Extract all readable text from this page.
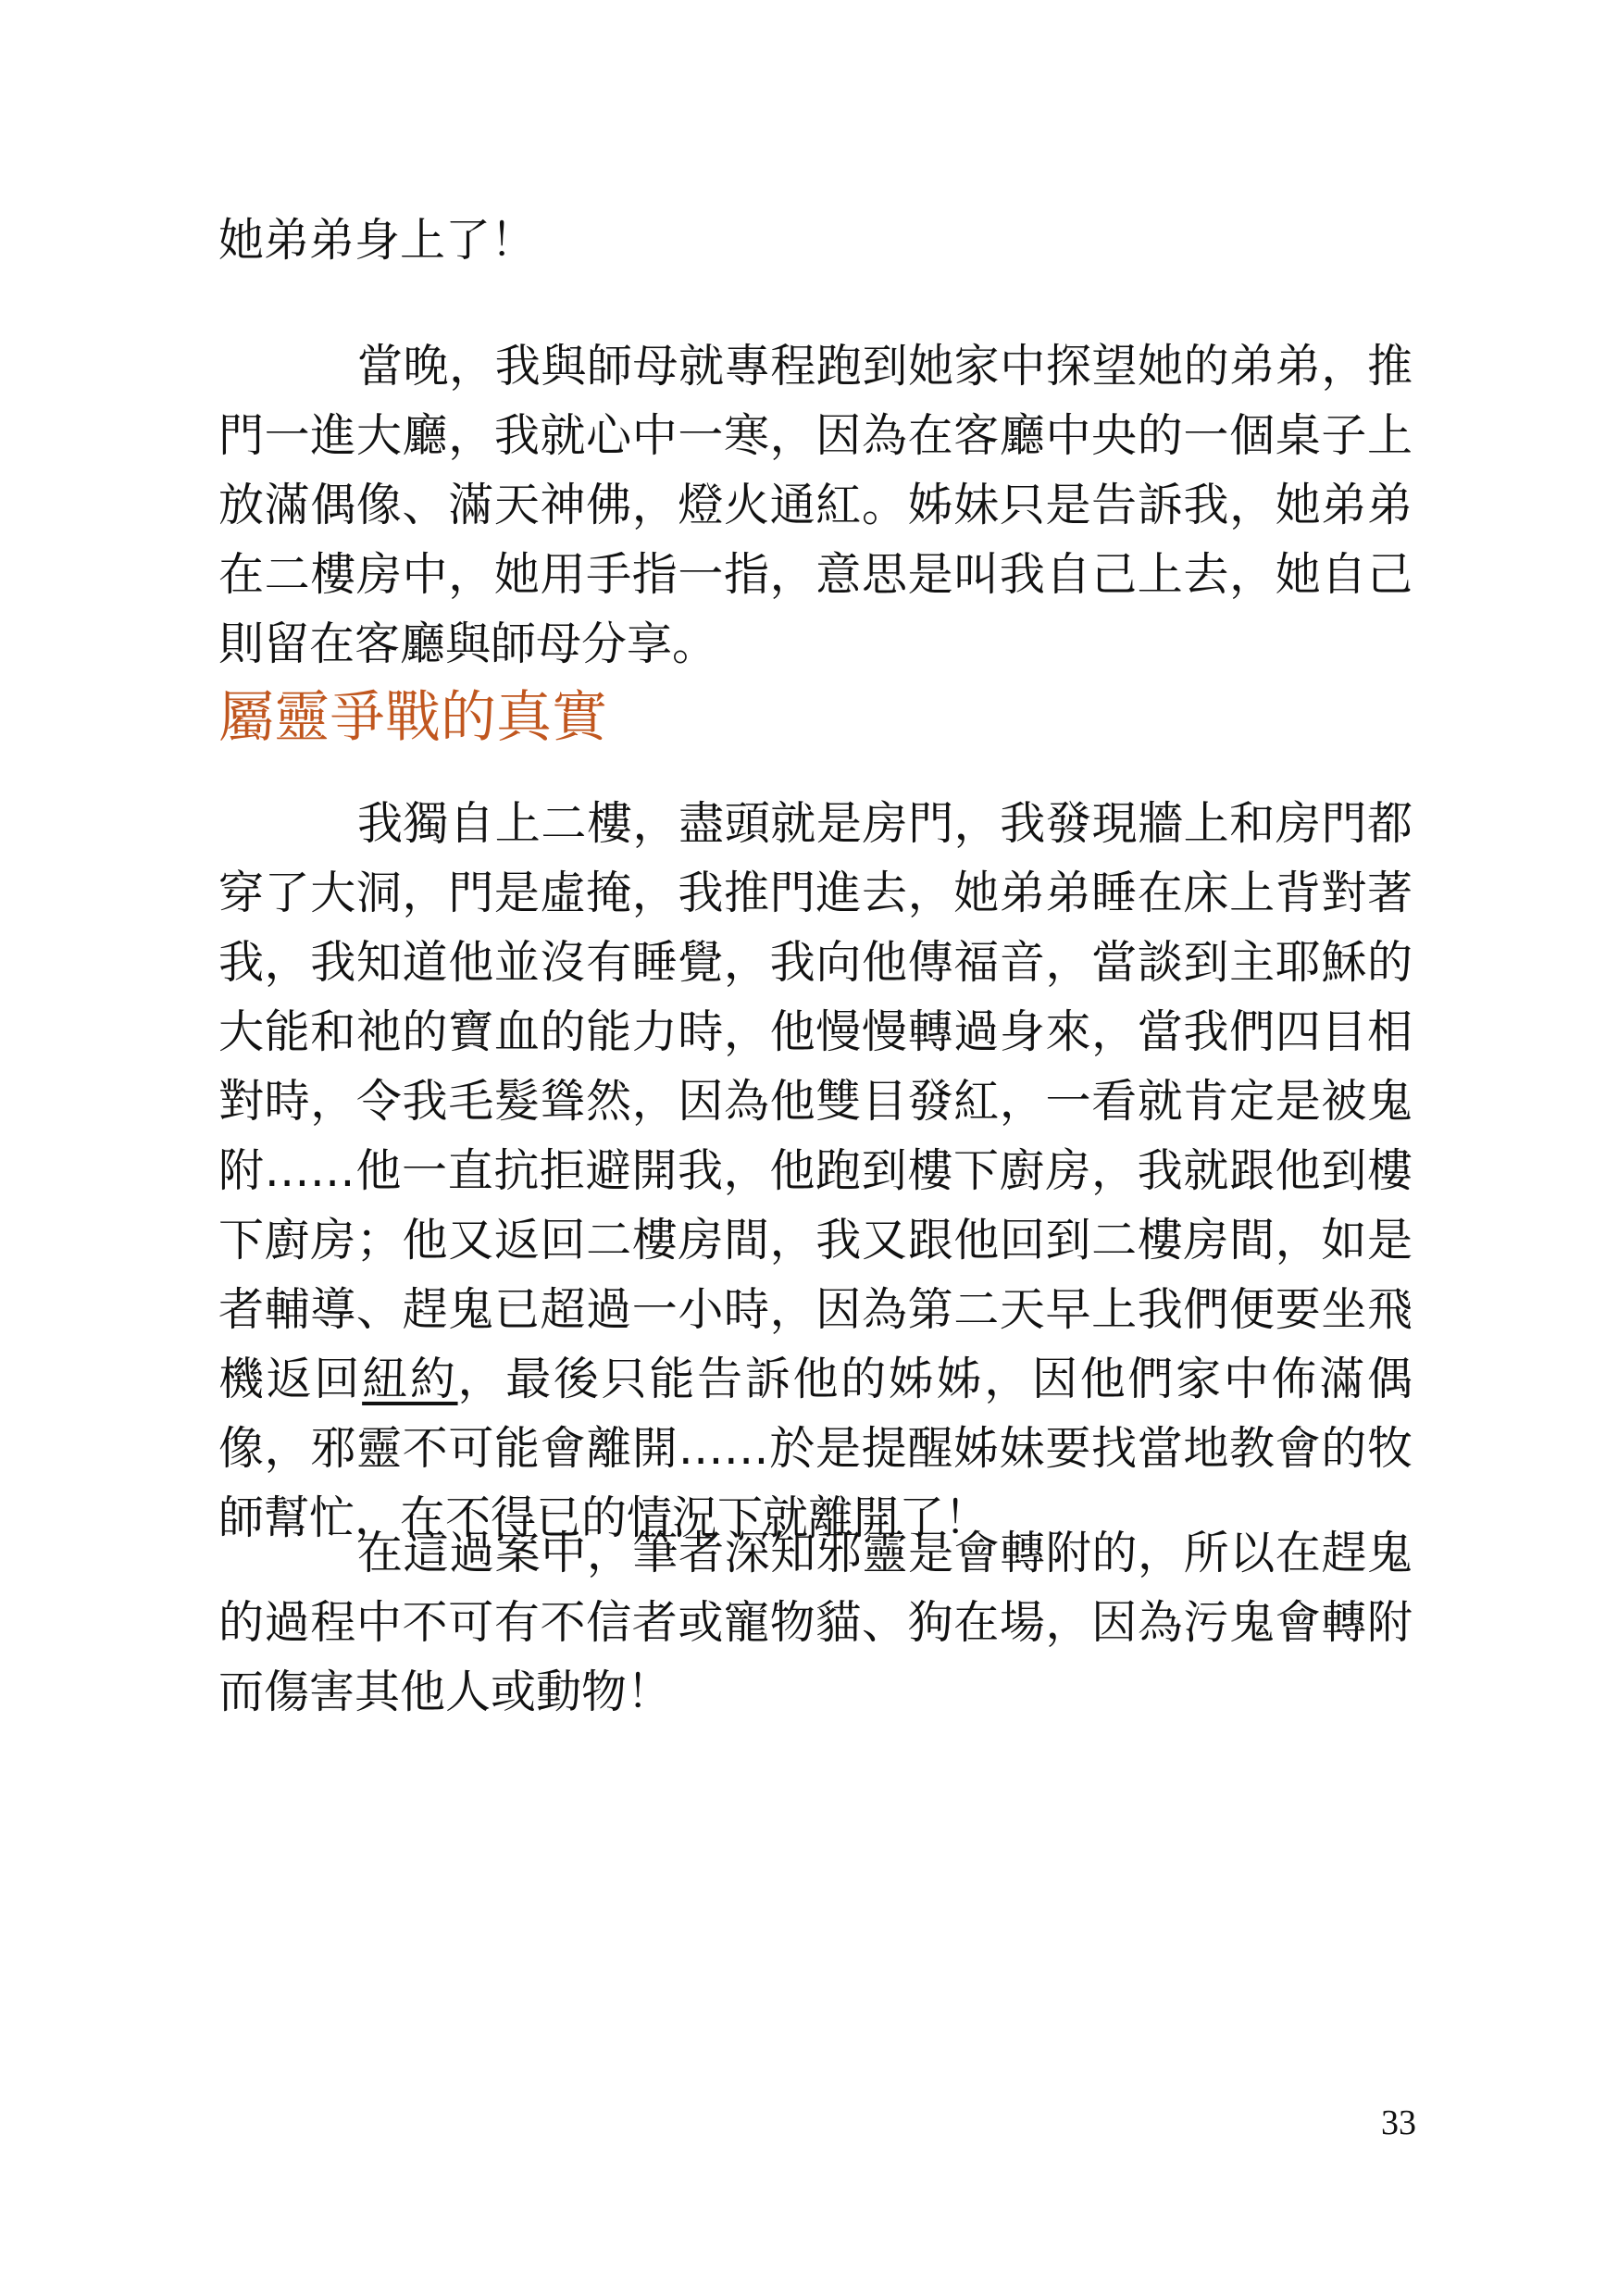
她弟弟身上了！

當晚，我與師母就專程跑到她家中探望她的弟弟，推門一進大廳，我就心中一寒，因為在客廳中央的一個桌子上放滿偶像、滿天神佛，燈火通紅。姊妹只是告訴我，她弟弟在二樓房中，她用手指一指，意思是叫我自己上去，她自己則留在客廳與師母分享。

屬靈爭戰的真實

我獨自上二樓，盡頭就是房門，我發現牆上和房門都穿了大洞，門是虛掩，我推門進去，她弟弟睡在床上背對著我，我知道他並沒有睡覺，我向他傳福音，當談到主耶穌的大能和祂的寶血的能力時，他慢慢轉過身來，當我們四目相對時，令我毛髮聳然，因為他雙目發紅，一看就肯定是被鬼附……他一直抗拒避開我，他跑到樓下廚房，我就跟他到樓下廚房；他又返回二樓房間，我又跟他回到二樓房間，如是者輔導、趕鬼已超過一小時，因為第二天早上我們便要坐飛機返回紐約，最後只能告訴他的姊姊，因他們家中佈滿偶像，邪靈不可能會離開……於是提醒姊妹要找當地教會的牧師幫忙，在不得已的情況下就離開了！

在這過案中，筆者深知邪靈是會轉附的，所以在趕鬼的過程中不可有不信者或寵物貓、狗在場，因為污鬼會轉附而傷害其他人或動物！

33
